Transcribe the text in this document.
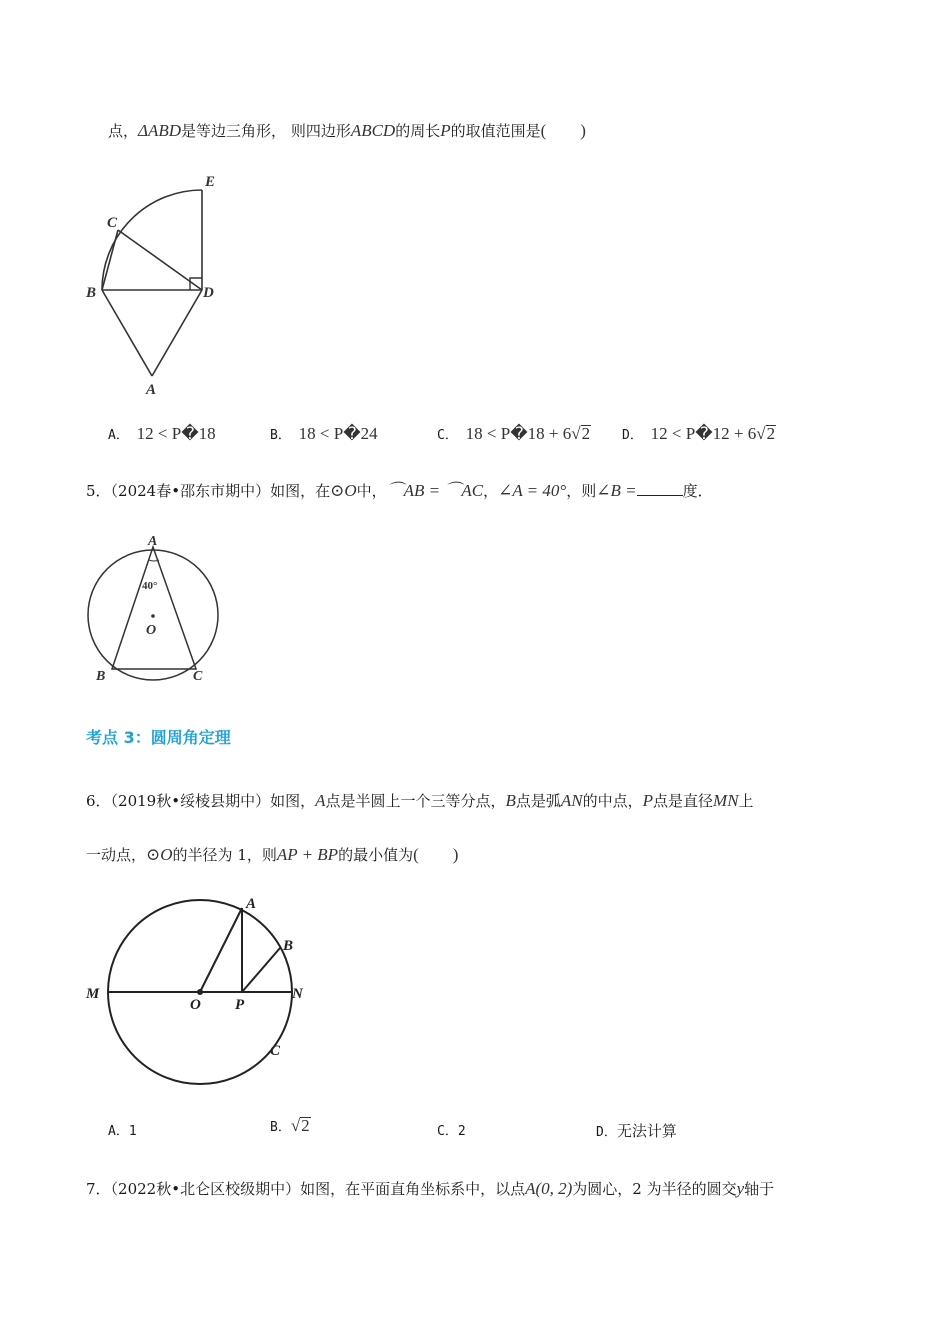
点，ΔABD是等边三角形， 则四边形ABCD的周长P的取值范围是(　　)
E
C
B	D
A
A． 12 < P�18	B． 18 < P�24	C． 18 < P�18 + 6√2 D． 12 < P�12 + 6√2
5．（2024春•邵东市期中）如图，在⊙O中，⌒AB = ⌒AC，∠A = 40°，则∠B =	度．
A
40°
O
B	C
考点 3：圆周角定理
6．（2019秋•绥棱县期中）如图，A点是半圆上一个三等分点，B点是弧AN的中点，P点是直径MN上
一动点，⊙O的半径为 1，则AP + BP的最小值为(　　)
A
B
M
O P
N
C
A．1	B．√2	C．2	D．无法计算
7．（2022秋•北仑区校级期中）如图，在平面直角坐标系中，以点A(0, 2)为圆心，2 为半径的圆交y轴于
